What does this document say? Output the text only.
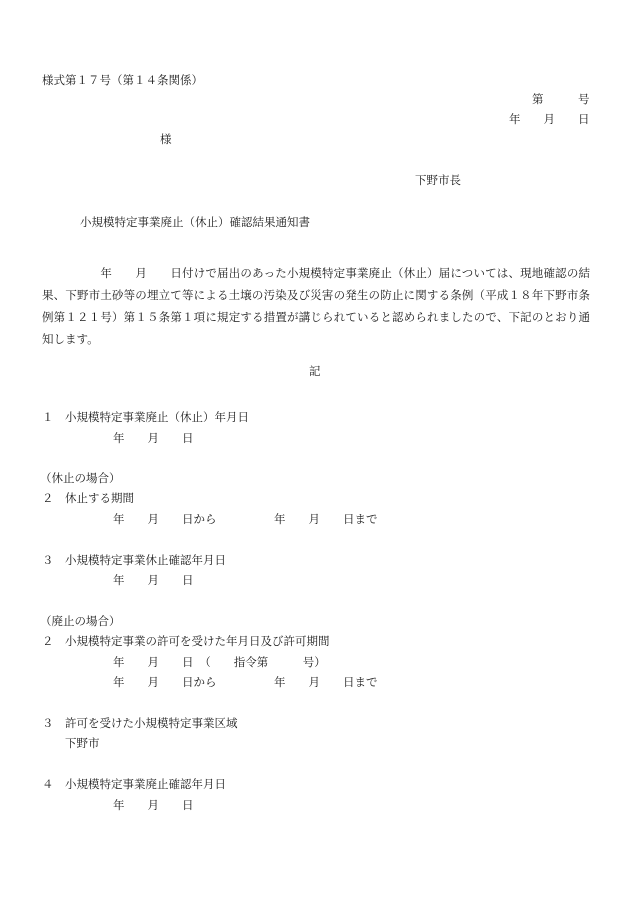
様式第１７号（第１４条関係）
第　　　号
年　　月　　日
様
下野市長
小規模特定事業廃止（休止）確認結果通知書
　　　　　年　　月　　日付けで届出のあった小規模特定事業廃止（休止）届については、現地確認の結果、下野市土砂等の埋立て等による土壌の汚染及び災害の発生の防止に関する条例（平成１８年下野市条例第１２１号）第１５条第１項に規定する措置が講じられていると認められましたので、下記のとおり通知します。
記
１　小規模特定事業廃止（休止）年月日
年　　月　　日
（休止の場合）
２　休止する期間
年　　月　　日から　　　　　年　　月　　日まで
３　小規模特定事業休止確認年月日
年　　月　　日
（廃止の場合）
２　小規模特定事業の許可を受けた年月日及び許可期間
年　　月　　日　（　　指令第　　　号）
年　　月　　日から　　　　　年　　月　　日まで
３　許可を受けた小規模特定事業区域
下野市
４　小規模特定事業廃止確認年月日
年　　月　　日
